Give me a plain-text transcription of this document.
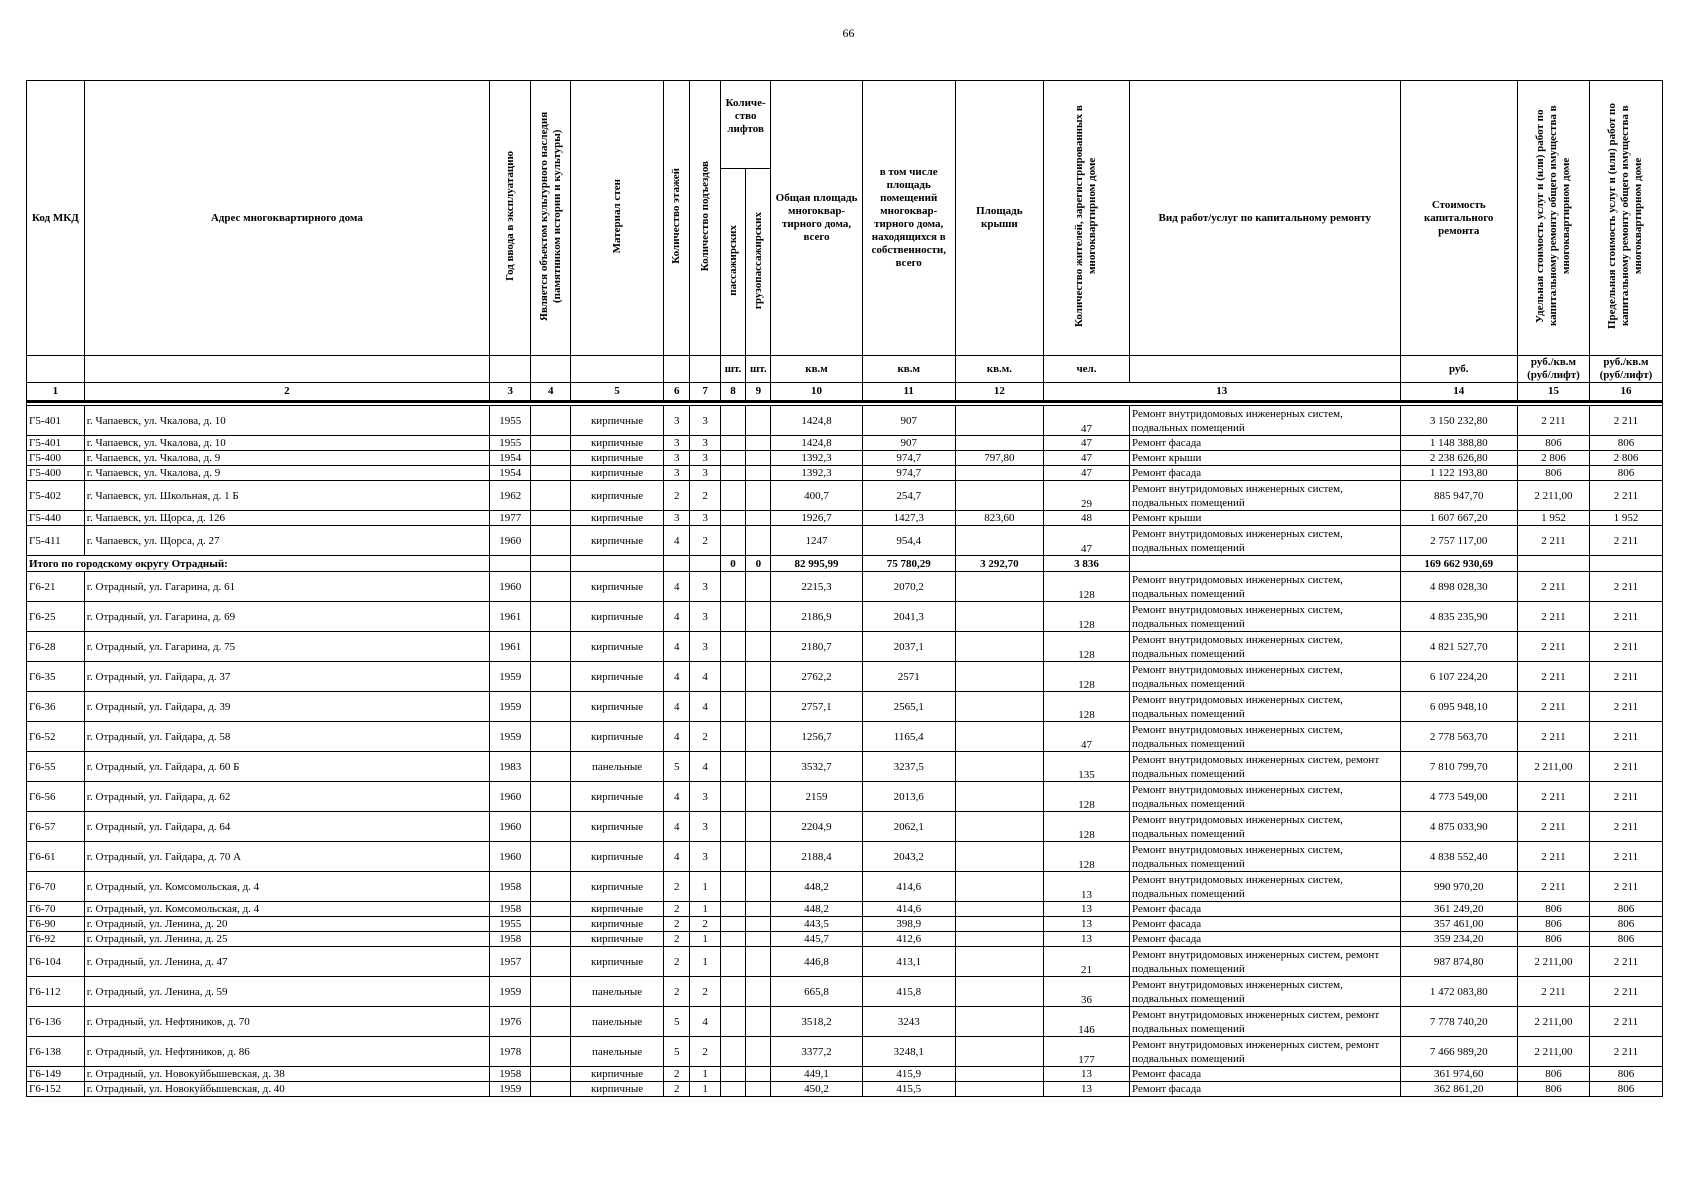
66
Код МКД	Адрес многоквартирного дома	Год ввода в эксплуатацию	Является объектом культурного наследия (памятником истории и культуры)	Материал стен	Количество этажей	Количество подъездов	Количе-ство лифтов		Общая площадь многоквар-тирного дома, всего	в том числе площадь помещений многоквар-тирного дома, находящихся в собственности, всего	Площадь крыши	Количество жителей, зарегистрированных в многоквартирном доме	Вид работ/услуг по капитальному ремонту	Стоимость капитального ремонта	Удельная стоимость услуг и (или) работ по капитальному ремонту общего имущества в многоквартирном доме	Предельная стоимость услуг и (или) работ по капитальному ремонту общего имущества в многоквартирном доме
							пассажирских	грузопассажирских								
							шт.	шт.	кв.м	кв.м	кв.м.	чел.		руб.	руб./кв.м (руб/лифт)	руб./кв.м (руб/лифт)
1	2	3	4	5	6	7	8	9	10	11	12	13		14	15	16

Г5-401	г. Чапаевск, ул. Чкалова, д. 10	1955		кирпичные	3	3			1424,8	907		47	Ремонт внутридомовых инженерных систем, подвальных помещений	3 150 232,80	2 211	2 211
Г5-401	г. Чапаевск, ул. Чкалова, д. 10	1955		кирпичные	3	3			1424,8	907		47	Ремонт фасада	1 148 388,80	806	806
Г5-400	г. Чапаевск, ул. Чкалова, д. 9	1954		кирпичные	3	3			1392,3	974,7	797,80	47	Ремонт крыши	2 238 626,80	2 806	2 806
Г5-400	г. Чапаевск, ул. Чкалова, д. 9	1954		кирпичные	3	3			1392,3	974,7		47	Ремонт фасада	1 122 193,80	806	806
Г5-402	г. Чапаевск, ул. Школьная, д. 1 Б	1962		кирпичные	2	2			400,7	254,7		29	Ремонт внутридомовых инженерных систем, подвальных помещений	885 947,70	2 211,00	2 211
Г5-440	г. Чапаевск, ул. Щорса, д. 126	1977		кирпичные	3	3			1926,7	1427,3	823,60	48	Ремонт крыши	1 607 667,20	1 952	1 952
Г5-411	г. Чапаевск, ул. Щорса, д. 27	1960		кирпичные	4	2			1247	954,4		47	Ремонт внутридомовых инженерных систем, подвальных помещений	2 757 117,00	2 211	2 211
Итого по городскому округу Отрадный:							0	0	82 995,99	75 780,29	3 292,70	3 836		169 662 930,69		
Г6-21	г. Отрадный, ул. Гагарина, д. 61	1960		кирпичные	4	3			2215,3	2070,2		128	Ремонт внутридомовых инженерных систем, подвальных помещений	4 898 028,30	2 211	2 211
Г6-25	г. Отрадный, ул. Гагарина, д. 69	1961		кирпичные	4	3			2186,9	2041,3		128	Ремонт внутридомовых инженерных систем, подвальных помещений	4 835 235,90	2 211	2 211
Г6-28	г. Отрадный, ул. Гагарина, д. 75	1961		кирпичные	4	3			2180,7	2037,1		128	Ремонт внутридомовых инженерных систем, подвальных помещений	4 821 527,70	2 211	2 211
Г6-35	г. Отрадный, ул. Гайдара, д. 37	1959		кирпичные	4	4			2762,2	2571		128	Ремонт внутридомовых инженерных систем, подвальных помещений	6 107 224,20	2 211	2 211
Г6-36	г. Отрадный, ул. Гайдара, д. 39	1959		кирпичные	4	4			2757,1	2565,1		128	Ремонт внутридомовых инженерных систем, подвальных помещений	6 095 948,10	2 211	2 211
Г6-52	г. Отрадный, ул. Гайдара, д. 58	1959		кирпичные	4	2			1256,7	1165,4		47	Ремонт внутридомовых инженерных систем, подвальных помещений	2 778 563,70	2 211	2 211
Г6-55	г. Отрадный, ул. Гайдара, д. 60 Б	1983		панельные	5	4			3532,7	3237,5		135	Ремонт внутридомовых инженерных систем, ремонт подвальных помещений	7 810 799,70	2 211,00	2 211
Г6-56	г. Отрадный, ул. Гайдара, д. 62	1960		кирпичные	4	3			2159	2013,6		128	Ремонт внутридомовых инженерных систем, подвальных помещений	4 773 549,00	2 211	2 211
Г6-57	г. Отрадный, ул. Гайдара, д. 64	1960		кирпичные	4	3			2204,9	2062,1		128	Ремонт внутридомовых инженерных систем, подвальных помещений	4 875 033,90	2 211	2 211
Г6-61	г. Отрадный, ул. Гайдара, д. 70 А	1960		кирпичные	4	3			2188,4	2043,2		128	Ремонт внутридомовых инженерных систем, подвальных помещений	4 838 552,40	2 211	2 211
Г6-70	г. Отрадный, ул. Комсомольская, д. 4	1958		кирпичные	2	1			448,2	414,6		13	Ремонт внутридомовых инженерных систем, подвальных помещений	990 970,20	2 211	2 211
Г6-70	г. Отрадный, ул. Комсомольская, д. 4	1958		кирпичные	2	1			448,2	414,6		13	Ремонт фасада	361 249,20	806	806
Г6-90	г. Отрадный, ул. Ленина, д. 20	1955		кирпичные	2	2			443,5	398,9		13	Ремонт фасада	357 461,00	806	806
Г6-92	г. Отрадный, ул. Ленина, д. 25	1958		кирпичные	2	1			445,7	412,6		13	Ремонт фасада	359 234,20	806	806
Г6-104	г. Отрадный, ул. Ленина, д. 47	1957		кирпичные	2	1			446,8	413,1		21	Ремонт внутридомовых инженерных систем, ремонт подвальных помещений	987 874,80	2 211,00	2 211
Г6-112	г. Отрадный, ул. Ленина, д. 59	1959		панельные	2	2			665,8	415,8		36	Ремонт внутридомовых инженерных систем, подвальных помещений	1 472 083,80	2 211	2 211
Г6-136	г. Отрадный, ул. Нефтяников, д. 70	1976		панельные	5	4			3518,2	3243		146	Ремонт внутридомовых инженерных систем, ремонт подвальных помещений	7 778 740,20	2 211,00	2 211
Г6-138	г. Отрадный, ул. Нефтяников, д. 86	1978		панельные	5	2			3377,2	3248,1		177	Ремонт внутридомовых инженерных систем, ремонт подвальных помещений	7 466 989,20	2 211,00	2 211
Г6-149	г. Отрадный, ул. Новокуйбышевская, д. 38	1958		кирпичные	2	1			449,1	415,9		13	Ремонт фасада	361 974,60	806	806
Г6-152	г. Отрадный, ул. Новокуйбышевская, д. 40	1959		кирпичные	2	1			450,2	415,5		13	Ремонт фасада	362 861,20	806	806
